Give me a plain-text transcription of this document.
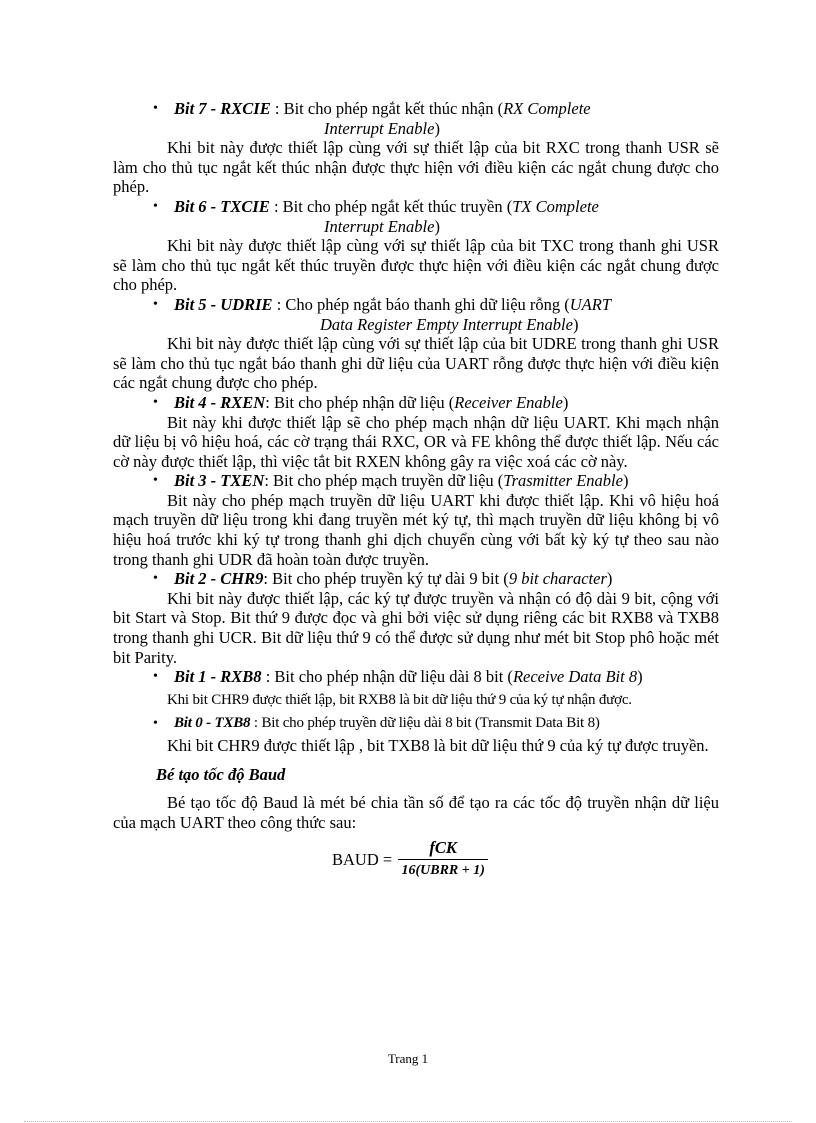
• Bit 7 - RXCIE : Bit cho phép ngắt kết thúc nhận (RX Complete
Interrupt Enable)

Khi bit này được thiết lập cùng với sự thiết lập của bit RXC trong thanh USR sẽ làm cho thủ tục ngắt kết thúc nhận được thực hiện với điều kiện các ngắt chung được cho phép.

• Bit 6 - TXCIE : Bit cho phép ngắt kết thúc truyền (TX Complete
Interrupt Enable)

Khi bit này được thiết lập cùng với sự thiết lập của bit TXC trong thanh ghi USR sẽ làm cho thủ tục ngắt kết thúc truyền được thực hiện với điều kiện các ngắt chung được cho phép.

• Bit 5 - UDRIE : Cho phép ngắt báo thanh ghi dữ liệu rỗng (UART
Data Register Empty Interrupt Enable)

Khi bit này được thiết lập cùng với sự thiết lập của bit UDRE trong thanh ghi USR sẽ làm cho thủ tục ngắt báo thanh ghi dữ liệu của UART rỗng được thực hiện với điều kiện các ngắt chung được cho phép.

• Bit 4 - RXEN: Bit cho phép nhận dữ liệu (Receiver Enable)

Bit này khi được thiết lập sẽ cho phép mạch nhận dữ liệu UART. Khi mạch nhận dữ liệu bị vô hiệu hoá, các cờ trạng thái RXC, OR và FE không thể được thiết lập. Nếu các cờ này được thiết lập, thì việc tắt bit RXEN không gây ra việc xoá các cờ này.

• Bit 3 - TXEN: Bit cho phép mạch truyền dữ liệu (Trasmitter Enable)

Bit này cho phép mạch truyền dữ liệu UART khi được thiết lập. Khi vô hiệu hoá mạch truyền dữ liệu trong khi đang truyền mét ký tự, thì mạch truyền dữ liệu không bị vô hiệu hoá trước khi ký tự trong thanh ghi dịch chuyển cùng với bất kỳ ký tự theo sau nào trong thanh ghi UDR đã hoàn toàn được truyền.

• Bit 2 - CHR9: Bit cho phép truyền ký tự dài 9 bit (9 bit character)

Khi bit này được thiết lập, các ký tự được truyền và nhận có độ dài 9 bit, cộng với bit Start và Stop. Bit thứ 9 được đọc và ghi bởi việc sử dụng riêng các bit RXB8 và TXB8 trong thanh ghi UCR. Bit dữ liệu thứ 9 có thể được sử dụng như mét bit Stop phô hoặc mét bit Parity.

• Bit 1 - RXB8 : Bit cho phép nhận dữ liệu dài 8 bit (Receive Data Bit 8)

Khi bit CHR9 được thiết lập, bit RXB8 là bit dữ liệu thứ 9 của ký tự nhận được.

• Bit 0 - TXB8 : Bit cho phép truyền dữ liệu dài 8 bit (Transmit Data Bit 8)

Khi bit CHR9 được thiết lập , bit TXB8 là bit dữ liệu thứ 9 của ký tự được truyền.

Bé tạo tốc độ Baud

Bé tạo tốc độ Baud là mét bé chia tần số để tạo ra các tốc độ truyền nhận dữ liệu của mạch UART theo công thức sau:

BAUD = $\frac{\text{fCK}}{\text{16(UBRR + 1)}}$
Trang 1
